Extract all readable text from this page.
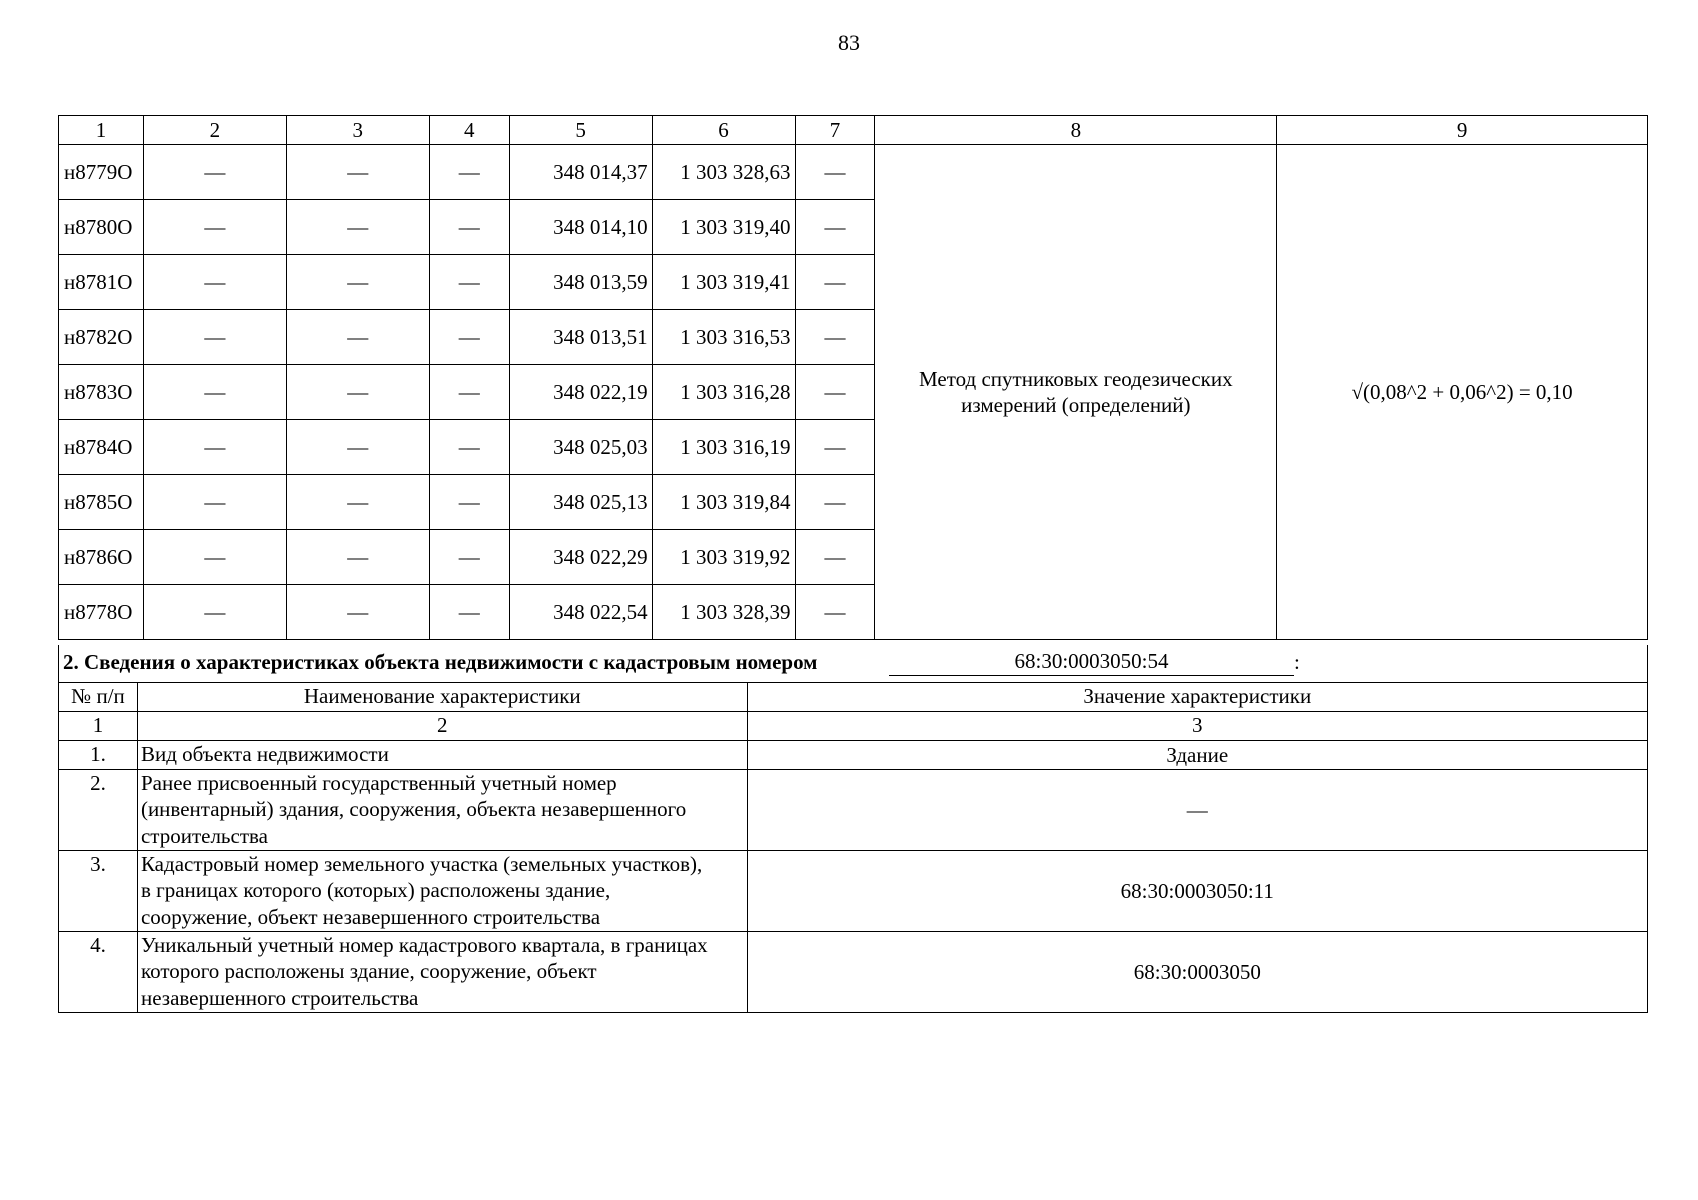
83
1	2	3	4	5	6	7	8	9
н8779О	—	—	—	348 014,37	1 303 328,63	—	Метод спутниковых геодезических
измерений (определений)	√(0,08^2 + 0,06^2) = 0,10
н8780О	—	—	—	348 014,10	1 303 319,40	—		
н8781О	—	—	—	348 013,59	1 303 319,41	—		
н8782О	—	—	—	348 013,51	1 303 316,53	—		
н8783О	—	—	—	348 022,19	1 303 316,28	—		
н8784О	—	—	—	348 025,03	1 303 316,19	—		
н8785О	—	—	—	348 025,13	1 303 319,84	—		
н8786О	—	—	—	348 022,29	1 303 319,92	—		
н8778О	—	—	—	348 022,54	1 303 328,39	—		
2. Сведения о характеристиках объекта недвижимости с кадастровым номером	68:30:0003050:54	:
№ п/п	Наименование характеристики	Значение характеристики
1	2	3
1.	Вид объекта недвижимости	Здание
2.	Ранее присвоенный государственный учетный номер
(инвентарный) здания, сооружения, объекта незавершенного
строительства	—
3.	Кадастровый номер земельного участка (земельных участков),
в границах которого (которых) расположены здание,
сооружение, объект незавершенного строительства	68:30:0003050:11
4.	Уникальный учетный номер кадастрового квартала, в границах
которого расположены здание, сооружение, объект
незавершенного строительства	68:30:0003050
